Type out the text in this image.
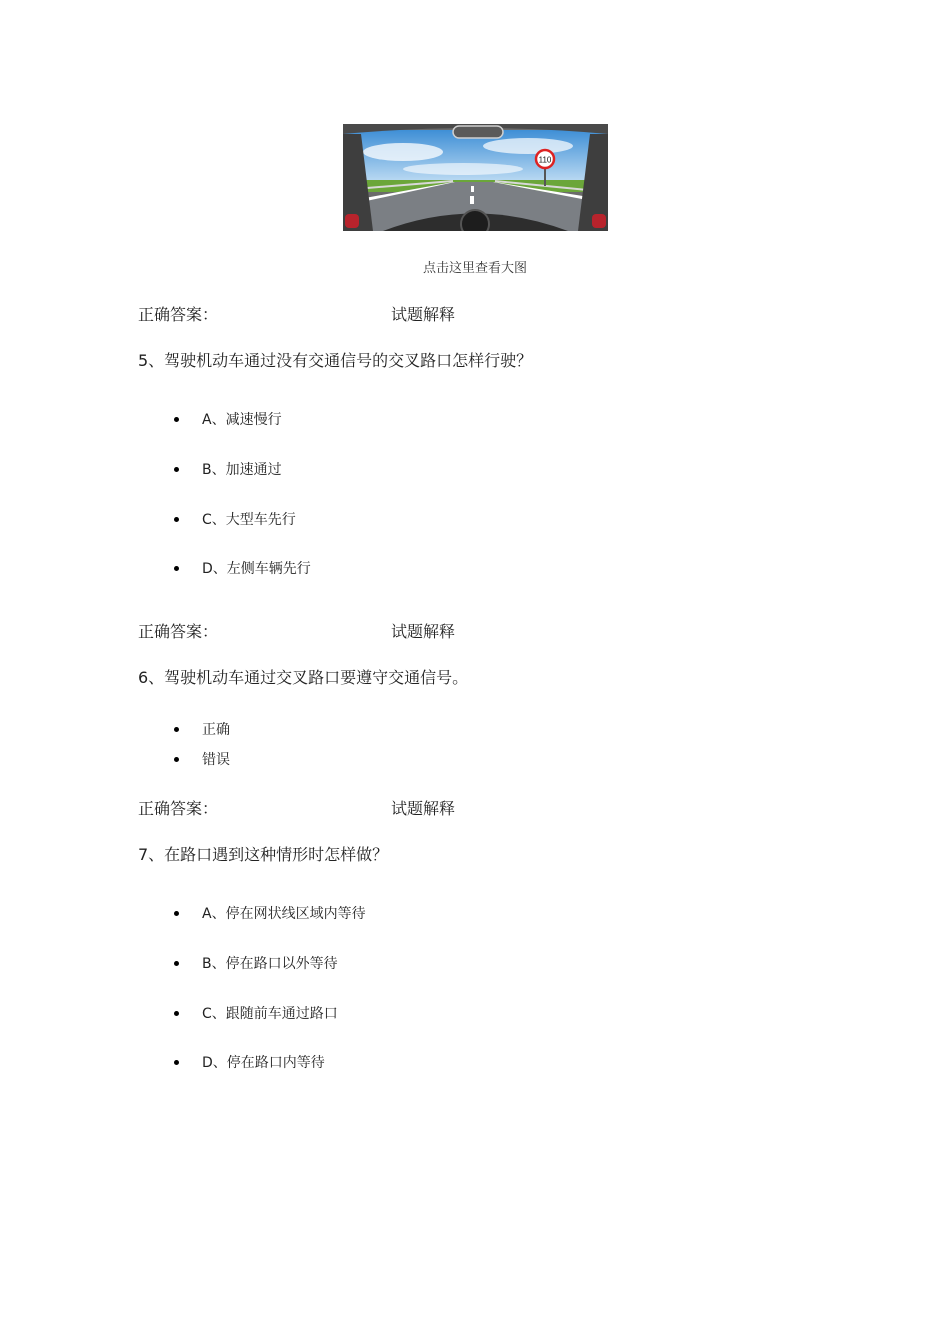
110
点击这里查看大图
正确答案：	试题解释
5、驾驶机动车通过没有交通信号的交叉路口怎样行驶？
A、减速慢行
B、加速通过
C、大型车先行
D、左侧车辆先行
正确答案：	试题解释
6、驾驶机动车通过交叉路口要遵守交通信号。
正确
错误
正确答案：	试题解释
7、在路口遇到这种情形时怎样做？
A、停在网状线区域内等待
B、停在路口以外等待
C、跟随前车通过路口
D、停在路口内等待
